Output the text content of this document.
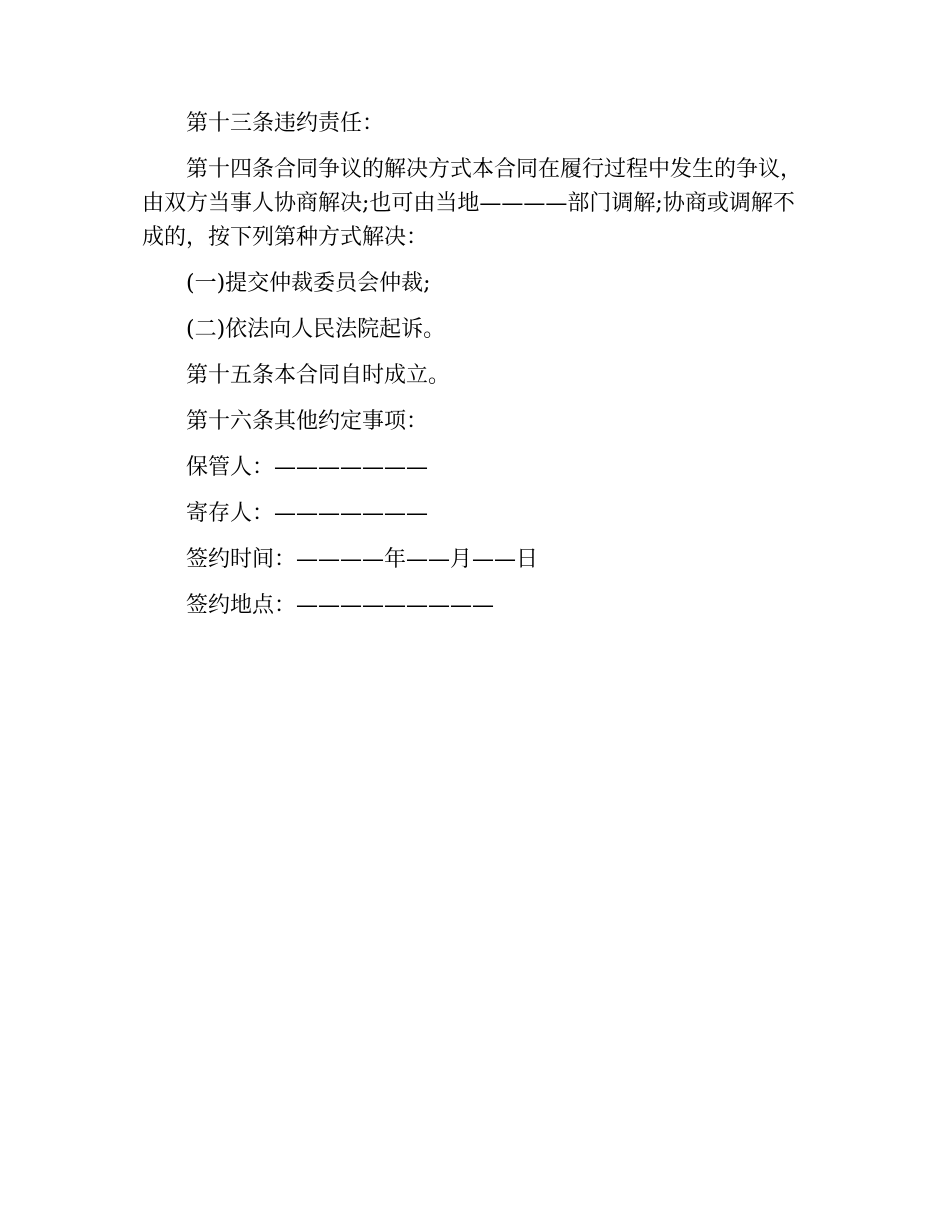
第十三条违约责任：

第十四条合同争议的解决方式本合同在履行过程中发生的争议，由双方当事人协商解决;也可由当地————部门调解;协商或调解不成的，按下列第种方式解决：

(一)提交仲裁委员会仲裁;

(二)依法向人民法院起诉。

第十五条本合同自时成立。

第十六条其他约定事项：

保管人：———————

寄存人：———————

签约时间：————年——月——日

签约地点：—————————
